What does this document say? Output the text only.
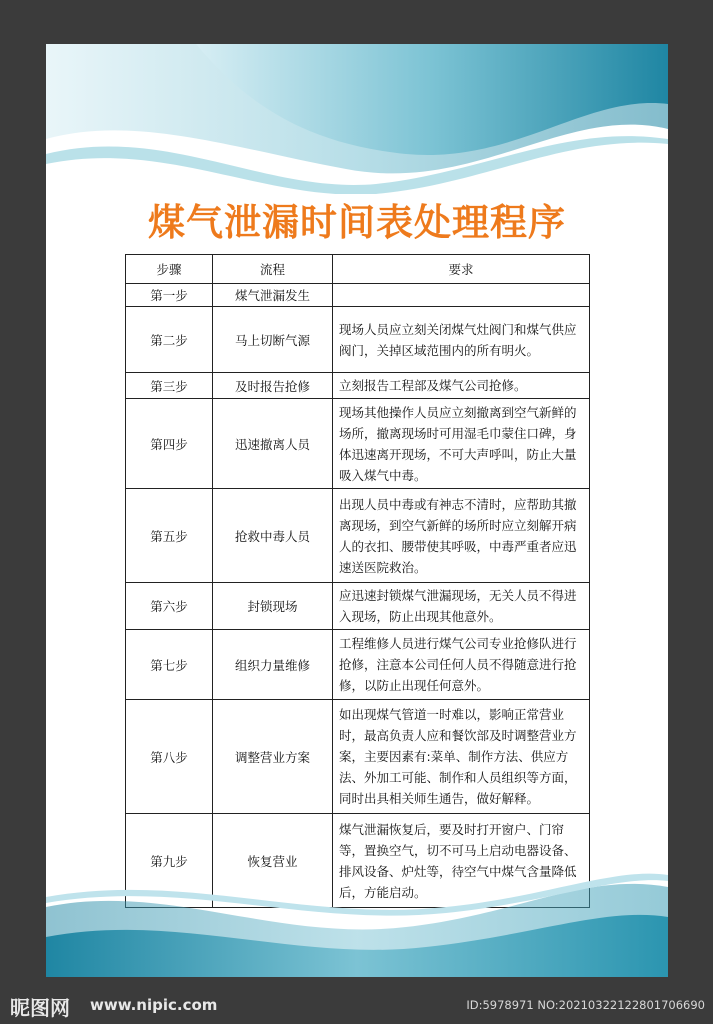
煤气泄漏时间表处理程序
步骤	流程	要求
第一步	煤气泄漏发生	
第二步	马上切断气源	现场人员应立刻关闭煤气灶阀门和煤气供应阀门，关掉区域范围内的所有明火。
第三步	及时报告抢修	立刻报告工程部及煤气公司抢修。
第四步	迅速撤离人员	现场其他操作人员应立刻撤离到空气新鲜的场所，撤离现场时可用湿毛巾蒙住口碑，身体迅速离开现场，不可大声呼叫，防止大量吸入煤气中毒。
第五步	抢救中毒人员	出现人员中毒或有神志不清时，应帮助其撤离现场，到空气新鲜的场所时应立刻解开病人的衣扣、腰带使其呼吸，中毒严重者应迅速送医院救治。
第六步	封锁现场	应迅速封锁煤气泄漏现场，无关人员不得进入现场，防止出现其他意外。
第七步	组织力量维修	工程维修人员进行煤气公司专业抢修队进行抢修，注意本公司任何人员不得随意进行抢修，以防止出现任何意外。
第八步	调整营业方案	如出现煤气管道一时难以，影响正常营业时，最高负责人应和餐饮部及时调整营业方案，主要因素有:菜单、制作方法、供应方法、外加工可能、制作和人员组织等方面，同时出具相关师生通告，做好解释。
第九步	恢复营业	煤气泄漏恢复后，要及时打开窗户、门帘等，置换空气，切不可马上启动电器设备、排风设备、炉灶等，待空气中煤气含量降低后，方能启动。
昵图网 www.nipic.com	ID:5978971 NO:20210322122801706690
